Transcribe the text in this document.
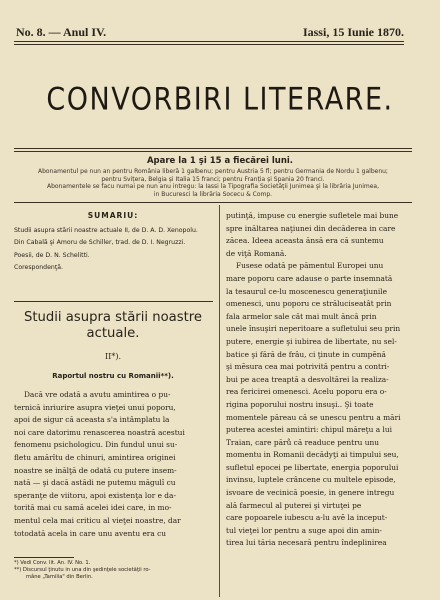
No. 8. — Anul IV.	Iassi, 15 Iunie 1870.
CONVORBIRI LITERARE.
Apare la 1 şi 15 a fiecărei luni.
Abonamentul pe nun an pentru România liberă 1 galbenu; pentru Austria 5 fl; pentru Germania de Nordu 1 galbenu;
pentru Svițera, Belgia și Italia 15 franci; pentru Franția și Spania 20 franci.
Abonamentele se facu numai pe nun anu intregu: la Iassi la Tipografia Societăţii Junimea şi la librăria Junimea,
in Bucuresci la librăria Socecu & Comp.
SUMARIU:
Studii asupra stării noastre actuale II, de D. A. D. Xenopolu.
Din Cabală şi Amoru de Schiller, trad. de D. I. Negruzzi.
Poesii, de D. N. Schelitti.
Corespondenţă.
Studii asupra stării noastre
actuale.
II*).
Raportul nostru cu Romanii**).
Dacă vre odată a avutu amintirea o pu-
ternică inriurire asupra vieţei unui poporu,
apoi de sigur că aceasta s'a intâmplatu la
noi care datorimu renascerea noastră acestui
fenomenu psichologicu. Din fundul unui su-
fletu amărîtu de chinuri, amintirea originei
noastre se inălţă de odată cu putere insem-
nată — şi dacă astădi ne putemu măgulî cu
speranţe de viitoru, apoi existenţa lor e da-
torită mai cu samă acelei idei care, in mo-
mentul cela mai criticu al vieţei noastre, dar
totodată acela in care unu aventu era cu
*) Vedi Conv. lit. An. IV. No. 1.
**) Discursul ţinutu in una din şedinţele societăţii ro-
mâne „Tamilia" din Berlin.
putinţă, impuse cu energie sufletele mai bune
spre inăltarea naţiunei din decăderea in care
zăcea. Ideea aceasta ănsă era că suntemu
de viţă Romană.
Fusese odată pe pămentul Europei unu
mare poporu care adause o parte insemnată
la tesaurul ce-lu moscenescu generaţiunile
omenesci, unu poporu ce străluciseatât prin
fala armelor sale cât mai mult ăncă prin
unele însuşiri neperitoare a sufletului seu prin
putere, energie şi iubirea de libertate, nu sel-
batice şi fără de frâu, ci ţinute in cumpĕnă
şi mĕsura cea mai potrivită pentru a contri-
bui pe acea treaptă a desvoltărei la realiza-
rea fericirei omenesci. Acelu poporu era o-
rigina poporului nostru insuşi.. Şi toate
momentele păreau că se unescu pentru a mări
puterea acestei amintiri: chipul măreţu a lui
Traian, care părů că readuce pentru unu
momentu in Romanii decădyţi ai timpului seu,
sufletul epocei pe libertate, energia poporului
invinsu, luptele crâncene cu multele episode,
isvoare de vecinică poesie, in genere intregu
ală farmecul al puterei şi virtuţei pe
care popoarele iubescu a-lu avĕ la inceput-
tul vieţei lor pentru a suge apoi din amin-
tirea lui tăria necesară pentru îndeplinirea
